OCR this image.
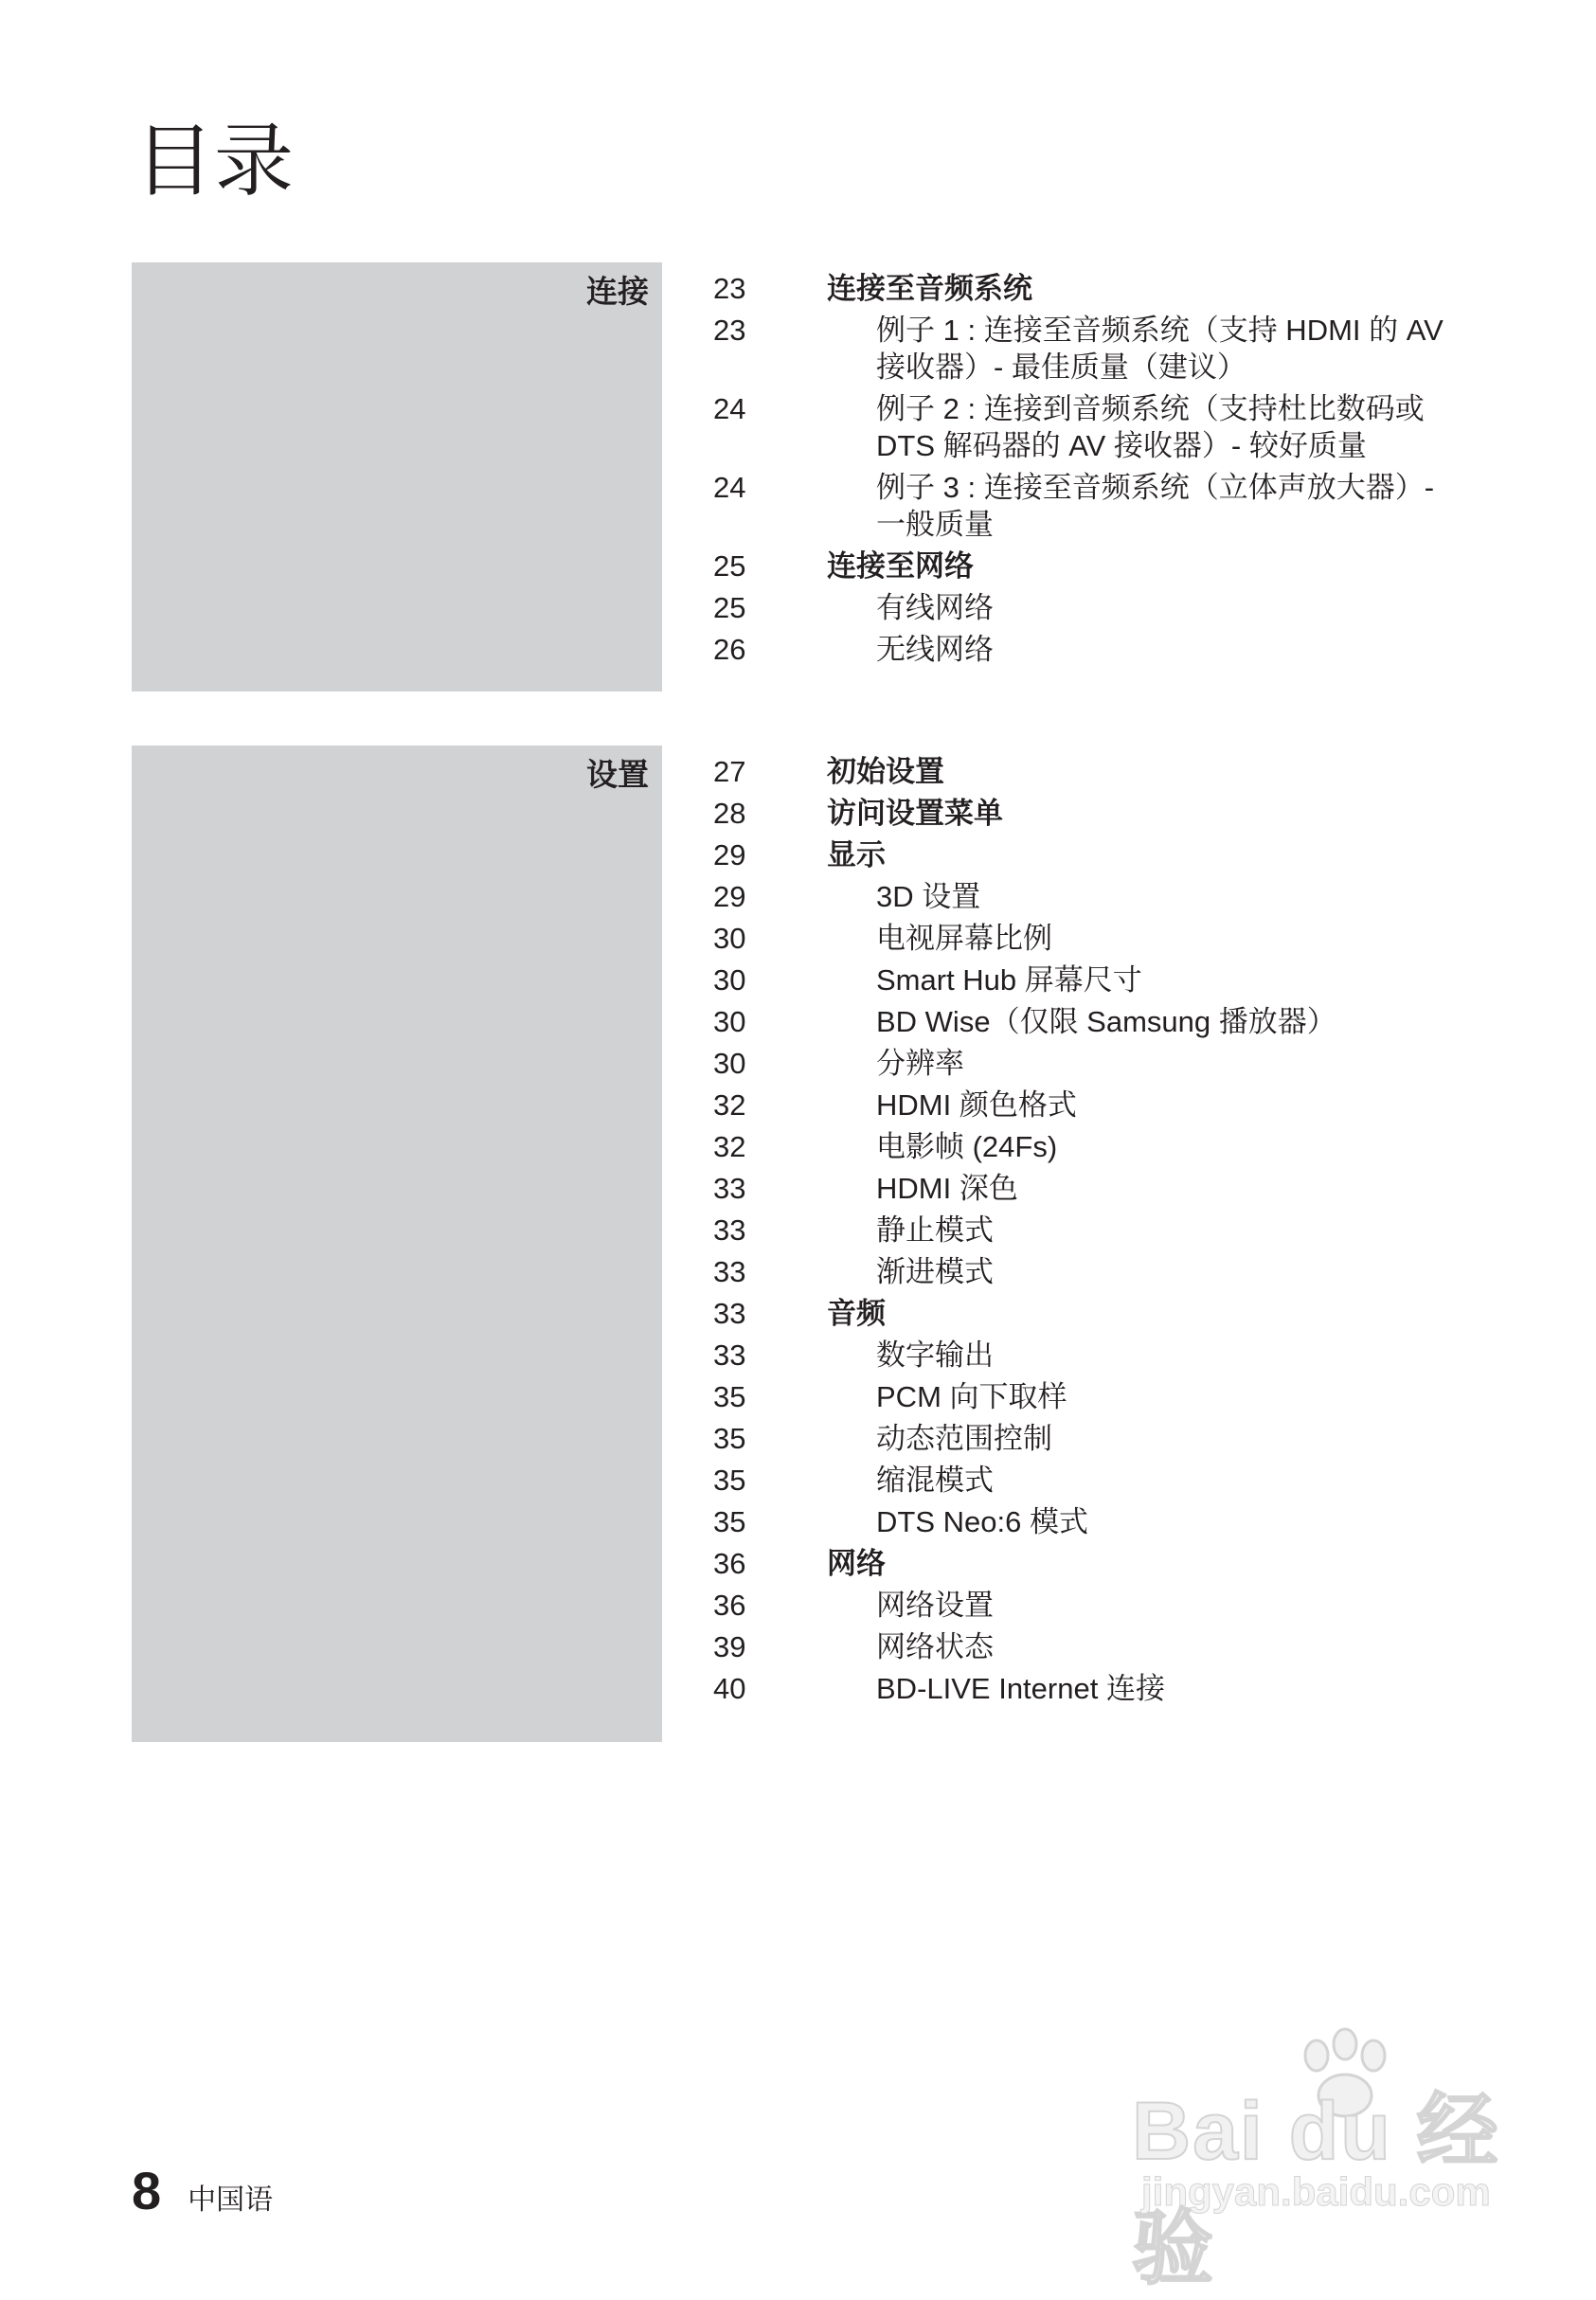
目录
连接 23	连接至音频系统
23	例子 1 : 连接至音频系统（支持 HDMI 的 AV 接收器）- 最佳质量（建议）
24	例子 2 : 连接到音频系统（支持杜比数码或 DTS 解码器的 AV 接收器）- 较好质量
24	例子 3 : 连接至音频系统（立体声放大器）- 一般质量
25	连接至网络
25	有线网络
26	无线网络
设置 27	初始设置
28	访问设置菜单
29	显示
29	3D 设置
30	电视屏幕比例
30	Smart Hub 屏幕尺寸
30	BD Wise（仅限 Samsung 播放器）
30	分辨率
32	HDMI 颜色格式
32	电影帧 (24Fs)
33	HDMI 深色
33	静止模式
33	渐进模式
33	音频
33	数字输出
35	PCM 向下取样
35	动态范围控制
35	缩混模式
35	DTS Neo:6 模式
36	网络
36	网络设置
39	网络状态
40	BD-LIVE Internet 连接
8 中国语
Bai du 经验
jingyan.baidu.com
